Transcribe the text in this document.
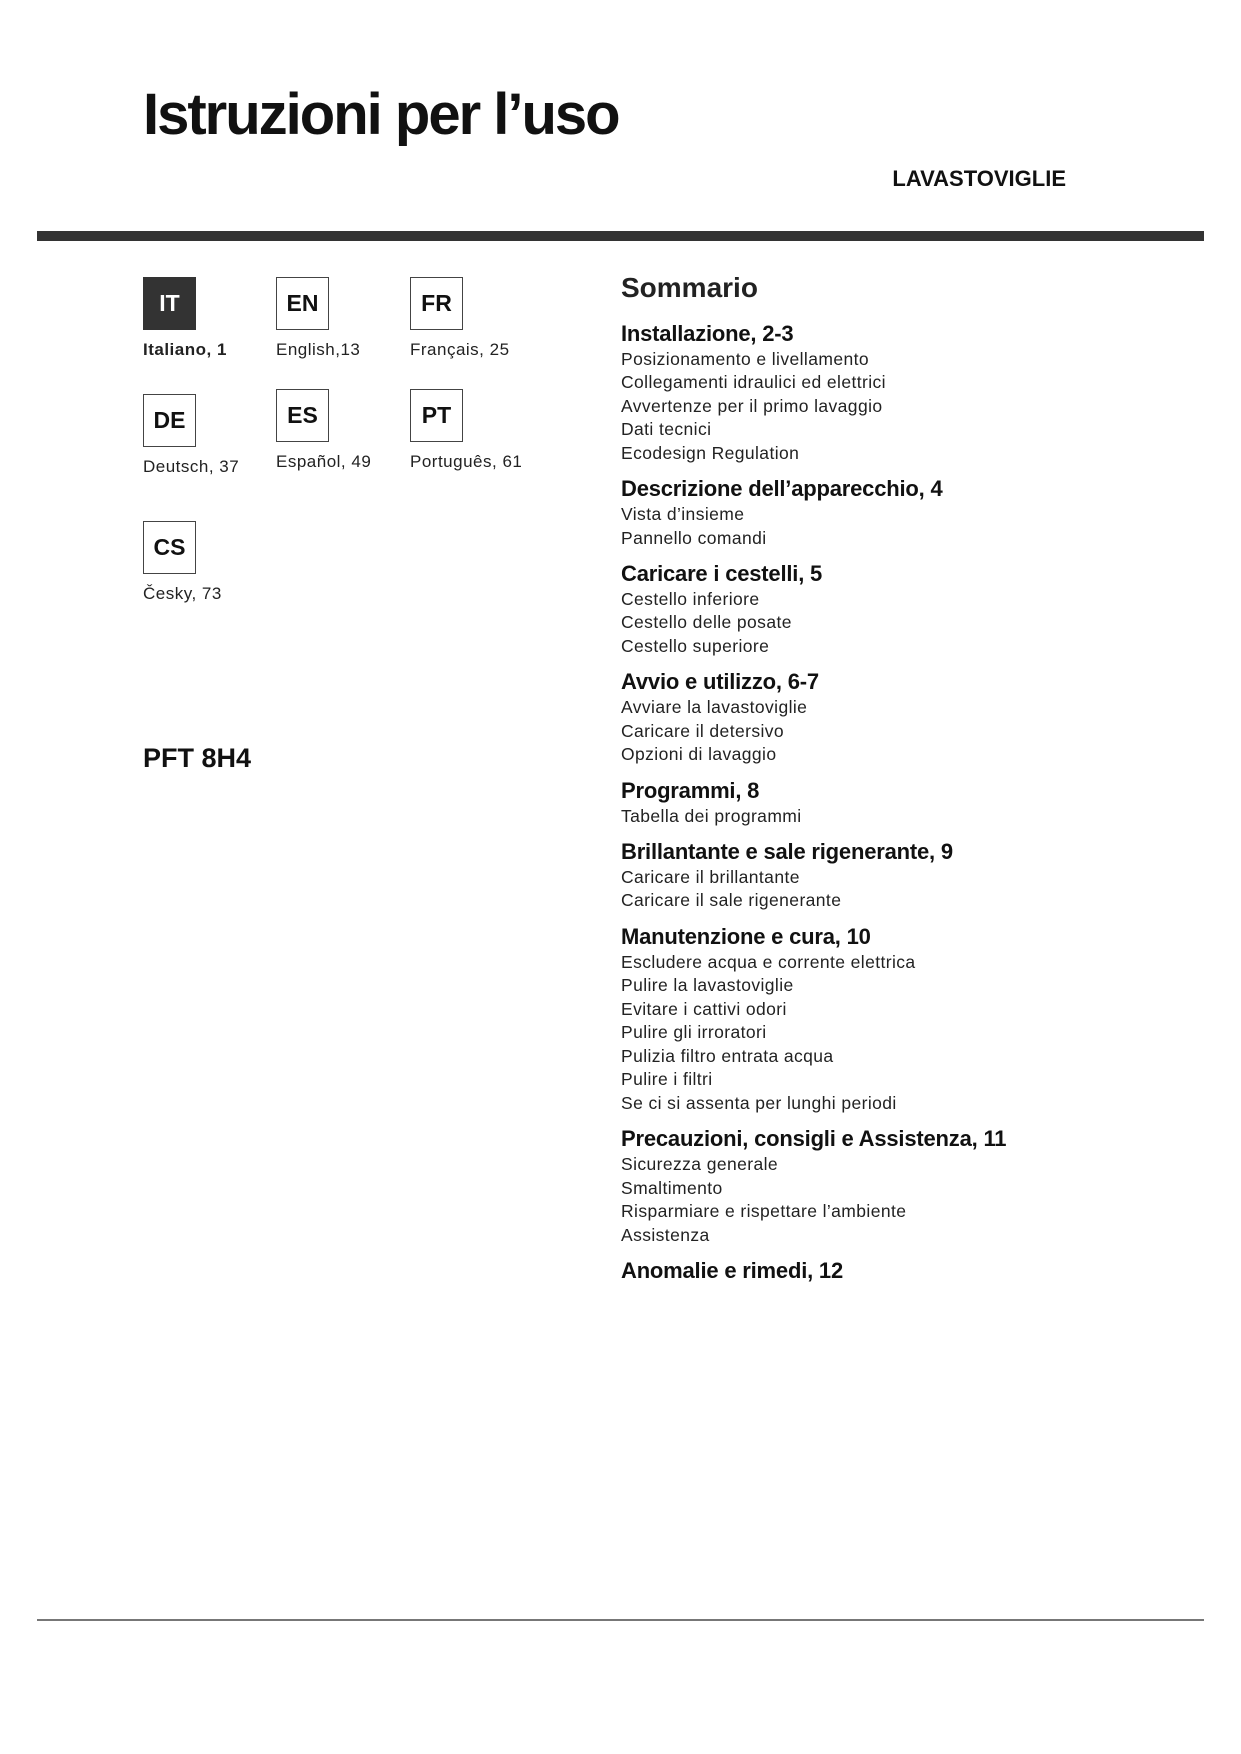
Istruzioni per l’uso
LAVASTOVIGLIE
IT
Italiano, 1
EN
English,13
FR
Français, 25
DE
Deutsch, 37
ES
Español, 49
PT
Português, 61
CS
Česky, 73
PFT 8H4
Sommario
Installazione, 2-3
Posizionamento e livellamento
Collegamenti idraulici ed elettrici
Avvertenze per il primo lavaggio
Dati tecnici
Ecodesign Regulation
Descrizione dell’apparecchio, 4
Vista d’insieme
Pannello comandi
Caricare i cestelli, 5
Cestello inferiore
Cestello delle posate
Cestello superiore
Avvio e utilizzo, 6-7
Avviare la lavastoviglie
Caricare il detersivo
Opzioni di lavaggio
Programmi, 8
Tabella dei programmi
Brillantante e sale rigenerante, 9
Caricare il brillantante
Caricare il sale rigenerante
Manutenzione e cura, 10
Escludere acqua e corrente elettrica
Pulire la lavastoviglie
Evitare i cattivi odori
Pulire gli irroratori
Pulizia filtro entrata acqua
Pulire i filtri
Se ci si assenta per lunghi periodi
Precauzioni, consigli e Assistenza, 11
Sicurezza generale
Smaltimento
Risparmiare e rispettare l’ambiente
Assistenza
Anomalie e rimedi, 12
